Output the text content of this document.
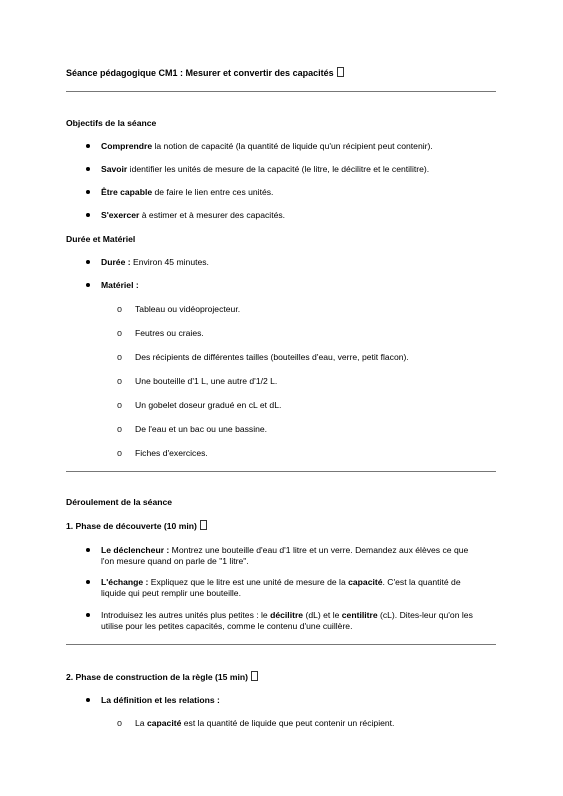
Séance pédagogique CM1 : Mesurer et convertir des capacités
Objectifs de la séance
Comprendre la notion de capacité (la quantité de liquide qu'un récipient peut contenir).
Savoir identifier les unités de mesure de la capacité (le litre, le décilitre et le centilitre).
Être capable de faire le lien entre ces unités.
S'exercer à estimer et à mesurer des capacités.
Durée et Matériel
Durée : Environ 45 minutes.
Matériel :
o Tableau ou vidéoprojecteur.
o Feutres ou craies.
o Des récipients de différentes tailles (bouteilles d'eau, verre, petit flacon).
o Une bouteille d'1 L, une autre d'1/2 L.
o Un gobelet doseur gradué en cL et dL.
o De l'eau et un bac ou une bassine.
o Fiches d'exercices.
Déroulement de la séance
1. Phase de découverte (10 min)
Le déclencheur : Montrez une bouteille d'eau d'1 litre et un verre. Demandez aux élèves ce que l'on mesure quand on parle de "1 litre".
L'échange : Expliquez que le litre est une unité de mesure de la capacité. C'est la quantité de liquide qui peut remplir une bouteille.
Introduisez les autres unités plus petites : le décilitre (dL) et le centilitre (cL). Dites-leur qu'on les utilise pour les petites capacités, comme le contenu d'une cuillère.
2. Phase de construction de la règle (15 min)
La définition et les relations :
o La capacité est la quantité de liquide que peut contenir un récipient.
